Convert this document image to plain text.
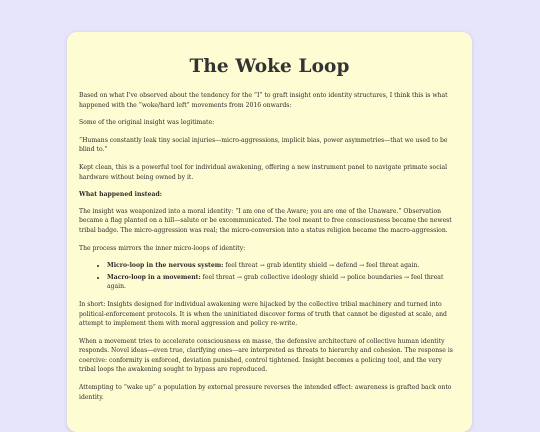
The Woke Loop

Based on what I've observed about the tendency for the “I” to graft insight onto identity structures, I think this is what happened with the “woke/hard left” movements from 2016 onwards:

Some of the original insight was legitimate:

“Humans constantly leak tiny social injuries—micro-aggressions, implicit bias, power asymmetries—that we used to be blind to.”

Kept clean, this is a powerful tool for individual awakening, offering a new instrument panel to navigate primate social hardware without being owned by it.

What happened instead:

The insight was weaponized into a moral identity: “I am one of the Aware; you are one of the Unaware.” Observation became a flag planted on a hill—salute or be excommunicated. The tool meant to free consciousness became the newest tribal badge. The micro-aggression was real; the micro-conversion into a status religion became the macro-aggression.

The process mirrors the inner micro-loops of identity:

• Micro-loop in the nervous system: feel threat → grab identity shield → defend → feel threat again.
• Macro-loop in a movement: feel threat → grab collective ideology shield → police boundaries → feel threat again.

In short: Insights designed for individual awakening were hijacked by the collective tribal machinery and turned into political-enforcement protocols. It is when the uninitiated discover forms of truth that cannot be digested at scale, and attempt to implement them with moral aggression and policy re-write.

When a movement tries to accelerate consciousness en masse, the defensive architecture of collective human identity responds. Novel ideas—even true, clarifying ones—are interpreted as threats to hierarchy and cohesion. The response is coercive: conformity is enforced, deviation punished, control tightened. Insight becomes a policing tool, and the very tribal loops the awakening sought to bypass are reproduced.

Attempting to “wake up” a population by external pressure reverses the intended effect: awareness is grafted back onto identity.
